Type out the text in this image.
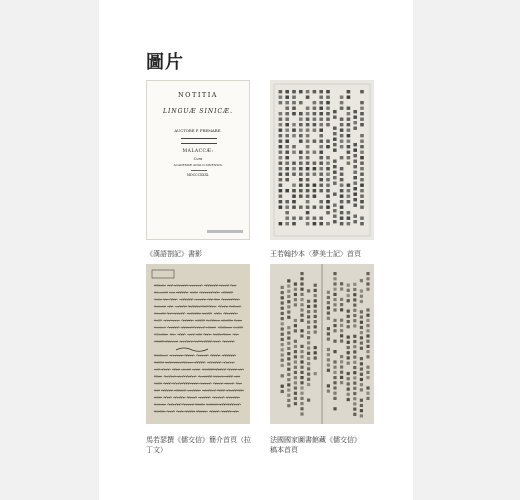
圖片
NOTITIA
LINGUÆ SINICÆ.
AUCTORE P. PREMARE.
MALACCÆ:
Cura
ACADEMIÆ ANGLO-SINENSIS.
MDCCCXXXI.
《漢語劄記》書影	王若翰抄本〈夢美士記〉首頁
馬若瑟撰《儒交信》簡介首頁（拉
丁文）
法國國家圖書館藏《儒交信》
稿本首頁
